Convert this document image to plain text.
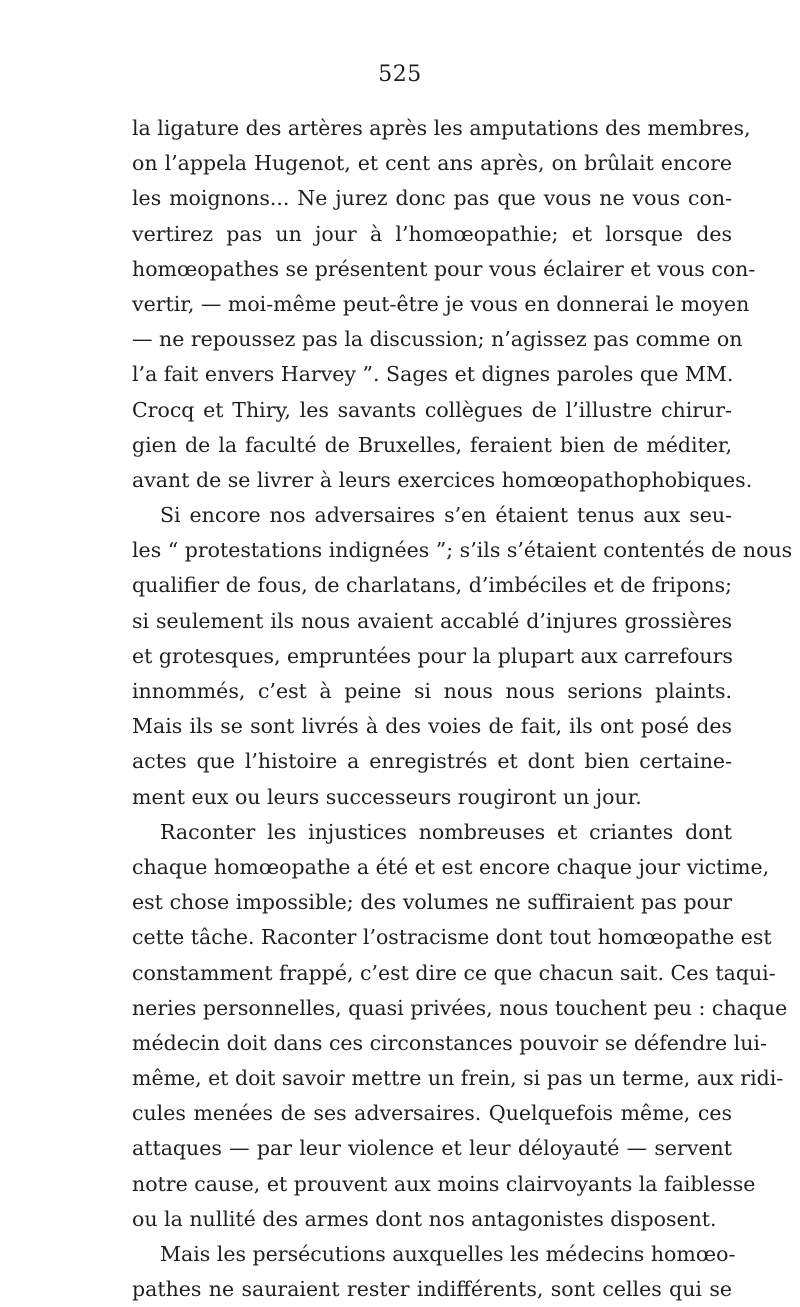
525
la ligature des artères après les amputations des membres,
on l’appela Hugenot, et cent ans après, on brûlait encore
les moignons... Ne jurez donc pas que vous ne vous con-
vertirez pas un jour à l’homœopathie; et lorsque des
homœopathes se présentent pour vous éclairer et vous con-
vertir, — moi-même peut-être je vous en donnerai le moyen
— ne repoussez pas la discussion; n’agissez pas comme on
l’a fait envers Harvey ”. Sages et dignes paroles que MM.
Crocq et Thiry, les savants collègues de l’illustre chirur-
gien de la faculté de Bruxelles, feraient bien de méditer,
avant de se livrer à leurs exercices homœopathophobiques.
Si encore nos adversaires s’en étaient tenus aux seu-
les “ protestations indignées ”; s’ils s’étaient contentés de nous
qualifier de fous, de charlatans, d’imbéciles et de fripons;
si seulement ils nous avaient accablé d’injures grossières
et grotesques, empruntées pour la plupart aux carrefours
innommés, c’est à peine si nous nous serions plaints.
Mais ils se sont livrés à des voies de fait, ils ont posé des
actes que l’histoire a enregistrés et dont bien certaine-
ment eux ou leurs successeurs rougiront un jour.
Raconter les injustices nombreuses et criantes dont
chaque homœopathe a été et est encore chaque jour victime,
est chose impossible; des volumes ne suffiraient pas pour
cette tâche. Raconter l’ostracisme dont tout homœopathe est
constamment frappé, c’est dire ce que chacun sait. Ces taqui-
neries personnelles, quasi privées, nous touchent peu : chaque
médecin doit dans ces circonstances pouvoir se défendre lui-
même, et doit savoir mettre un frein, si pas un terme, aux ridi-
cules menées de ses adversaires. Quelquefois même, ces
attaques — par leur violence et leur déloyauté — servent
notre cause, et prouvent aux moins clairvoyants la faiblesse
ou la nullité des armes dont nos antagonistes disposent.
Mais les persécutions auxquelles les médecins homœo-
pathes ne sauraient rester indifférents, sont celles qui se
